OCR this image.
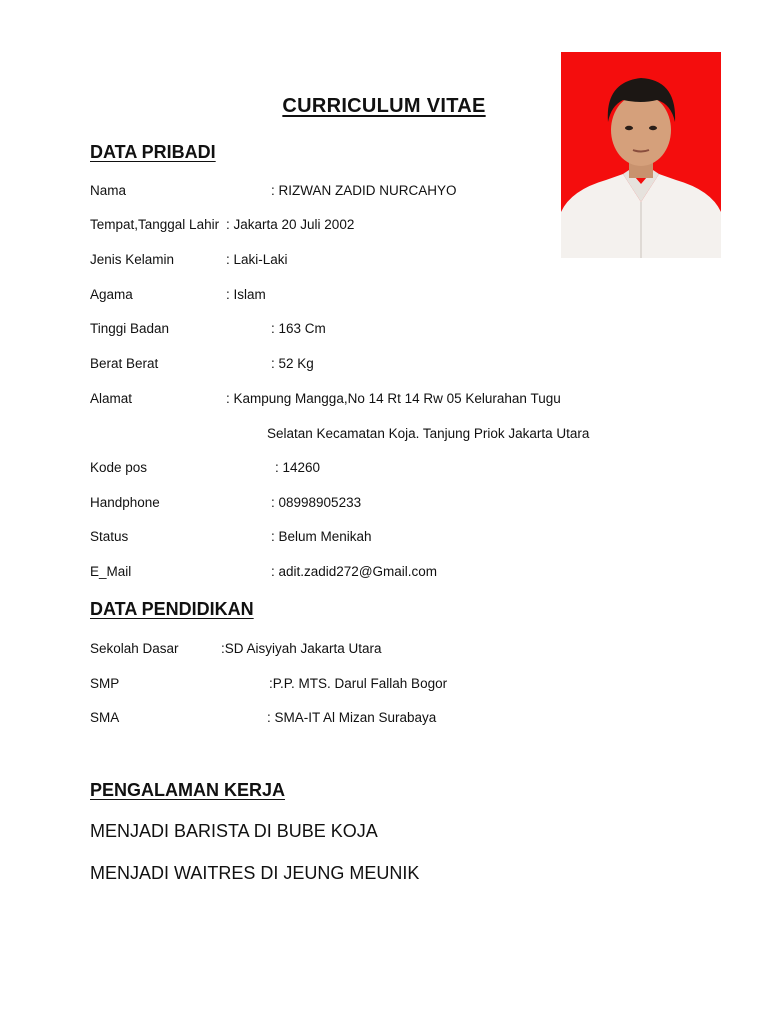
CURRICULUM VITAE
DATA PRIBADI
Nama	: RIZWAN ZADID NURCAHYO
Tempat,Tanggal Lahir : Jakarta 20 Juli 2002
Jenis Kelamin	: Laki-Laki
Agama	: Islam
Tinggi Badan	: 163 Cm
Berat Berat	: 52 Kg
Alamat	: Kampung Mangga,No 14 Rt 14 Rw 05 Kelurahan Tugu
Selatan Kecamatan Koja. Tanjung Priok Jakarta Utara
Kode pos	: 14260
Handphone	: 08998905233
Status	: Belum Menikah
E_Mail	: adit.zadid272@Gmail.com
DATA PENDIDIKAN
Sekolah Dasar	:SD Aisyiyah Jakarta Utara
SMP	:P.P. MTS. Darul Fallah Bogor
SMA	: SMA-IT Al Mizan Surabaya
PENGALAMAN KERJA
MENJADI BARISTA DI BUBE KOJA
MENJADI WAITRES DI JEUNG MEUNIK
